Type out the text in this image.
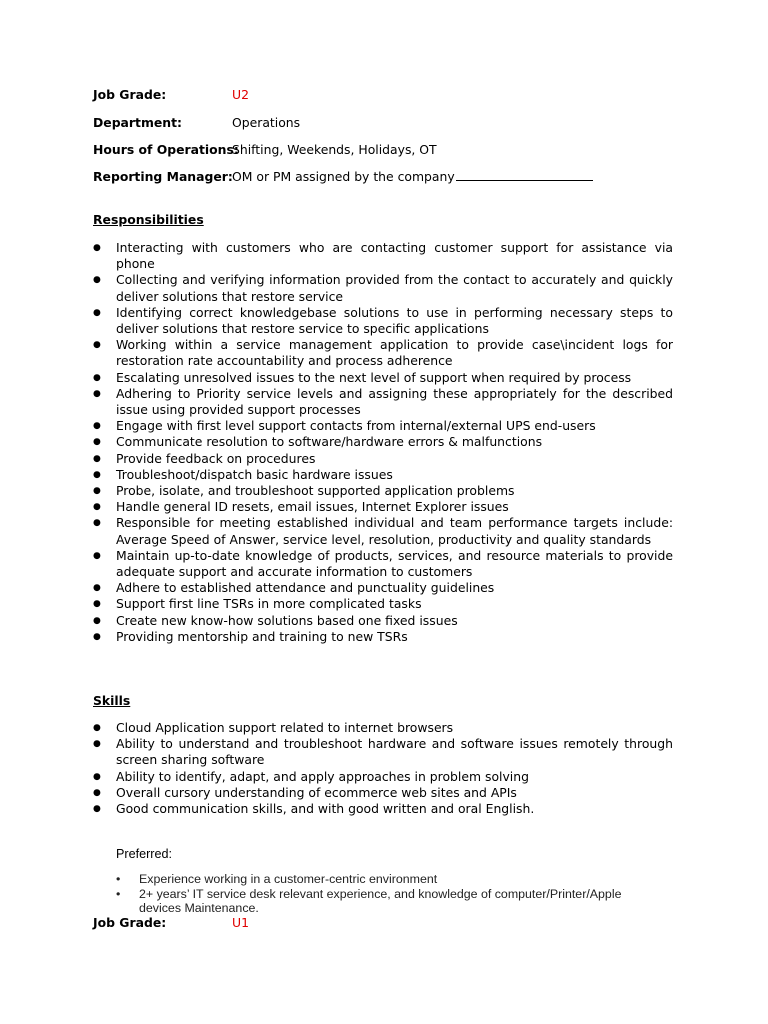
Job Grade:	U2
Department:	Operations
Hours of Operations:
Shifting, Weekends, Holidays, OT
Reporting Manager: OM or PM assigned by the company
Responsibilities
● Interacting with customers who are contacting customer support for assistance via phone
● Collecting and verifying information provided from the contact to accurately and quickly deliver solutions that restore service
● Identifying correct knowledgebase solutions to use in performing necessary steps to deliver solutions that restore service to specific applications
● Working within a service management application to provide case\incident logs for restoration rate accountability and process adherence
● Escalating unresolved issues to the next level of support when required by process
● Adhering to Priority service levels and assigning these appropriately for the described issue using provided support processes
● Engage with first level support contacts from internal/external UPS end-users
● Communicate resolution to software/hardware errors & malfunctions
● Provide feedback on procedures
● Troubleshoot/dispatch basic hardware issues
● Probe, isolate, and troubleshoot supported application problems
● Handle general ID resets, email issues, Internet Explorer issues
● Responsible for meeting established individual and team performance targets include: Average Speed of Answer, service level, resolution, productivity and quality standards
● Maintain up-to-date knowledge of products, services, and resource materials to provide adequate support and accurate information to customers
● Adhere to established attendance and punctuality guidelines
● Support first line TSRs in more complicated tasks
● Create new know-how solutions based one fixed issues
● Providing mentorship and training to new TSRs
Skills
● Cloud Application support related to internet browsers
● Ability to understand and troubleshoot hardware and software issues remotely through screen sharing software
● Ability to identify, adapt, and apply approaches in problem solving
● Overall cursory understanding of ecommerce web sites and APIs
● Good communication skills, and with good written and oral English.
Preferred:
• Experience working in a customer-centric environment
• 2+ years’ IT service desk relevant experience, and knowledge of computer/Printer/Apple devices Maintenance.
Job Grade:	U1
